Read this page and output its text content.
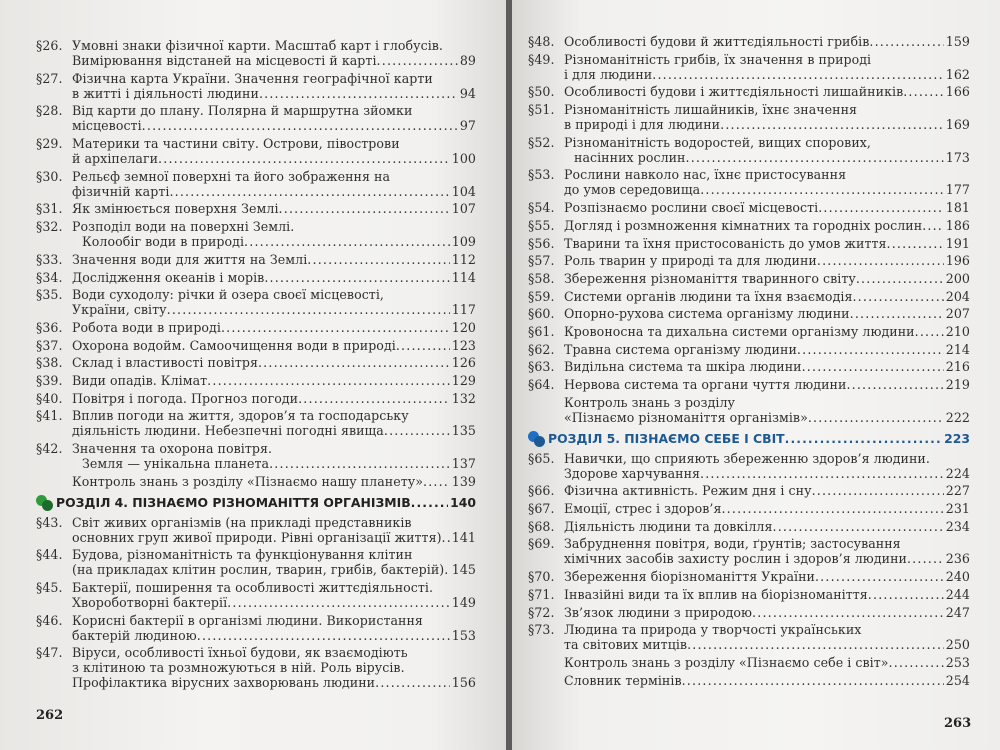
§26. Умовні знаки фізичної карти. Масштаб карт і глобусів.
Вимірювання відстаней на місцевості й карті . . .	89
§27. Фізична карта України. Значення географічної карти
в житті і діяльності людини . . .	94
§28. Від карти до плану. Полярна й маршрутна зйомки
місцевості . . .	97
§29. Материки та частини світу. Острови, півострови
й архіпелаги . . .	100
§30. Рельєф земної поверхні та його зображення на
фізичній карті . . .	104
§31. Як змінюється поверхня Землі . . .	107
§32. Розподіл води на поверхні Землі.
Колообіг води в природі . . .	109
§33. Значення води для життя на Землі . . .	112
§34. Дослідження океанів і морів . . .	114
§35. Води суходолу: річки й озера своєї місцевості,
України, світу . . .	117
§36. Робота води в природі . . .	120
§37. Охорона водойм. Самоочищення води в природі . . .	123
§38. Склад і властивості повітря . . .	126
§39. Види опадів. Клімат . . .	129
§40. Повітря і погода. Прогноз погоди . . .	132
§41. Вплив погоди на життя, здоров’я та господарську
діяльність людини. Небезпечні погодні явища . . .	135
§42. Значення та охорона повітря.
Земля — унікальна планета . . .	137
Контроль знань з розділу «Пізнаємо нашу планету» . . . 139
РОЗДІЛ 4. ПІЗНАЄМО РІЗНОМАНІТТЯ ОРГАНІЗМІВ . . .	140
§43. Світ живих організмів (на прикладі представників
основних груп живої природи. Рівні організації життя) . . . 141
§44. Будова, різноманітність та функціонування клітин
(на прикладах клітин рослин, тварин, грибів, бактерій) . . . 145
§45. Бактерії, поширення та особливості життєдіяльності.
Хвороботворні бактерії . . .	149
§46. Корисні бактерії в організмі людини. Використання
бактерій людиною . . .	153
§47. Віруси, особливості їхньої будови, як взаємодіють
з клітиною та розмножуються в ній. Роль вірусів.
Профілактика вірусних захворювань людини . . .	156
§48. Особливості будови й життєдіяльності грибів . . .	159
§49. Різноманітність грибів, їх значення в природі
і для людини . . .	162
§50. Особливості будови і життєдіяльності лишайників . . .	166
§51. Різноманітність лишайників, їхнє значення
в природі і для людини . . .	169
§52. Різноманітність водоростей, вищих спорових,
насінних рослин . . .	173
§53. Рослини навколо нас, їхнє пристосування
до умов середовища . . .	177
§54. Розпізнаємо рослини своєї місцевості . . .	181
§55. Догляд і розмноження кімнатних та городніх рослин . . . 186
§56. Тварини та їхня пристосованість до умов життя . . .	191
§57. Роль тварин у природі та для людини . . .	196
§58. Збереження різноманіття тваринного світу . . .	200
§59. Системи органів людини та їхня взаємодія . . .	204
§60. Опорно-рухова система організму людини . . .	207
§61. Кровоносна та дихальна системи організму людини . . . 210
§62. Травна система організму людини . . .	214
§63. Видільна система та шкіра людини . . .	216
§64. Нервова система та органи чуття людини . . .	219
Контроль знань з розділу
«Пізнаємо різноманіття організмів» . . .	222
РОЗДІЛ 5. ПІЗНАЄМО СЕБЕ І СВІТ . . .	223
§65. Навички, що сприяють збереженню здоров’я людини.
Здорове харчування . . .	224
§66. Фізична активність. Режим дня і сну . . .	227
§67. Емоції, стрес і здоров’я . . .	231
§68. Діяльність людини та довкілля . . .	234
§69. Забруднення повітря, води, ґрунтів; застосування
хімічних засобів захисту рослин і здоров’я людини . . .	236
§70. Збереження біорізноманіття України . . .	240
§71. Інвазійні види та їх вплив на біорізноманіття . . .	244
§72. Зв’язок людини з природою . . .	247
§73. Людина та природа у творчості українських
та світових митців . . .	250
Контроль знань з розділу «Пізнаємо себе і світ» . . .	253
Словник термінів . . .	254
262
263
